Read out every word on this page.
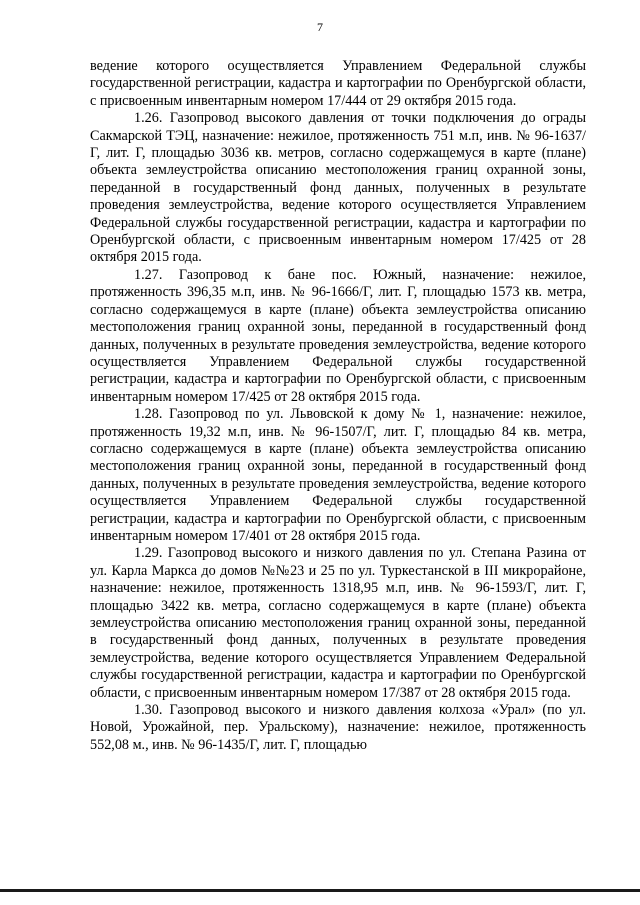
7

ведение которого осуществляется Управлением Федеральной службы государственной регистрации, кадастра и картографии по Оренбургской области, с присвоенным инвентарным номером 17/444 от 29 октября 2015 года.

1.26. Газопровод высокого давления от точки подключения до ограды Сакмарской ТЭЦ, назначение: нежилое, протяженность 751 м.п, инв. № 96-1637/Г, лит. Г, площадью 3036 кв. метров, согласно содержащемуся в карте (плане) объекта землеустройства описанию местоположения границ охранной зоны, переданной в государственный фонд данных, полученных в результате проведения землеустройства, ведение которого осуществляется Управлением Федеральной службы государственной регистрации, кадастра и картографии по Оренбургской области, с присвоенным инвентарным номером 17/425 от 28 октября 2015 года.

1.27. Газопровод к бане пос. Южный, назначение: нежилое, протяженность 396,35 м.п, инв. № 96-1666/Г, лит. Г, площадью 1573 кв. метра, согласно содержащемуся в карте (плане) объекта землеустройства описанию местоположения границ охранной зоны, переданной в государственный фонд данных, полученных в результате проведения землеустройства, ведение которого осуществляется Управлением Федеральной службы государственной регистрации, кадастра и картографии по Оренбургской области, с присвоенным инвентарным номером 17/425 от 28 октября 2015 года.

1.28. Газопровод по ул. Львовской к дому № 1, назначение: нежилое, протяженность 19,32 м.п, инв. № 96-1507/Г, лит. Г, площадью 84 кв. метра, согласно содержащемуся в карте (плане) объекта землеустройства описанию местоположения границ охранной зоны, переданной в государственный фонд данных, полученных в результате проведения землеустройства, ведение которого осуществляется Управлением Федеральной службы государственной регистрации, кадастра и картографии по Оренбургской области, с присвоенным инвентарным номером 17/401 от 28 октября 2015 года.

1.29. Газопровод высокого и низкого давления по ул. Степана Разина от ул. Карла Маркса до домов №№23 и 25 по ул. Туркестанской в III микрорайоне, назначение: нежилое, протяженность 1318,95 м.п, инв. № 96-1593/Г, лит. Г, площадью 3422 кв. метра, согласно содержащемуся в карте (плане) объекта землеустройства описанию местоположения границ охранной зоны, переданной в государственный фонд данных, полученных в результате проведения землеустройства, ведение которого осуществляется Управлением Федеральной службы государственной регистрации, кадастра и картографии по Оренбургской области, с присвоенным инвентарным номером 17/387 от 28 октября 2015 года.

1.30. Газопровод высокого и низкого давления колхоза «Урал» (по ул. Новой, Урожайной, пер. Уральскому), назначение: нежилое, протяженность 552,08 м., инв. № 96-1435/Г, лит. Г, площадью
